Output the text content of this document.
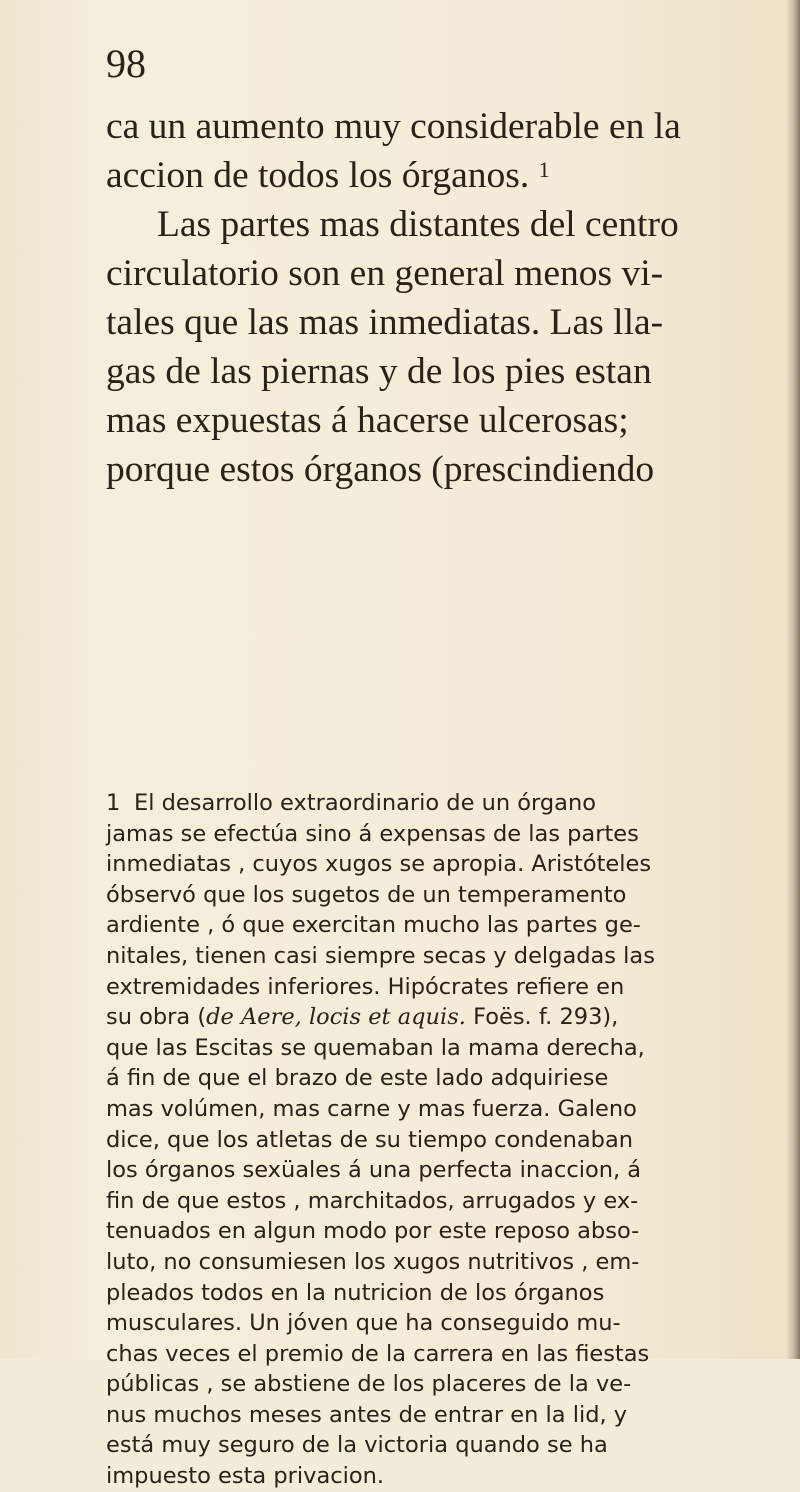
98
ca un aumento muy considerable en la
accion de todos los órganos. $^1$
Las partes mas distantes del centro
circulatorio son en general menos vi-
tales que las mas inmediatas. Las lla-
gas de las piernas y de los pies estan
mas expuestas á hacerse ulcerosas;
porque estos órganos (prescindiendo
1 El desarrollo extraordinario de un órgano
jamas se efectúa sino á expensas de las partes
inmediatas , cuyos xugos se apropia. Aristóteles
óbservó que los sugetos de un temperamento
ardiente , ó que exercitan mucho las partes ge-
nitales, tienen casi siempre secas y delgadas las
extremidades inferiores. Hipócrates refiere en
su obra (de Aere, locis et aquis. Foës. f. 293),
que las Escitas se quemaban la mama derecha,
á fin de que el brazo de este lado adquiriese
mas volúmen, mas carne y mas fuerza. Galeno
dice, que los atletas de su tiempo condenaban
los órganos sexüales á una perfecta inaccion, á
fin de que estos , marchitados, arrugados y ex-
tenuados en algun modo por este reposo abso-
luto, no consumiesen los xugos nutritivos , em-
pleados todos en la nutricion de los órganos
musculares. Un jóven que ha conseguido mu-
chas veces el premio de la carrera en las fiestas
públicas , se abstiene de los placeres de la ve-
nus muchos meses antes de entrar en la lid, y
está muy seguro de la victoria quando se ha
impuesto esta privacion.
